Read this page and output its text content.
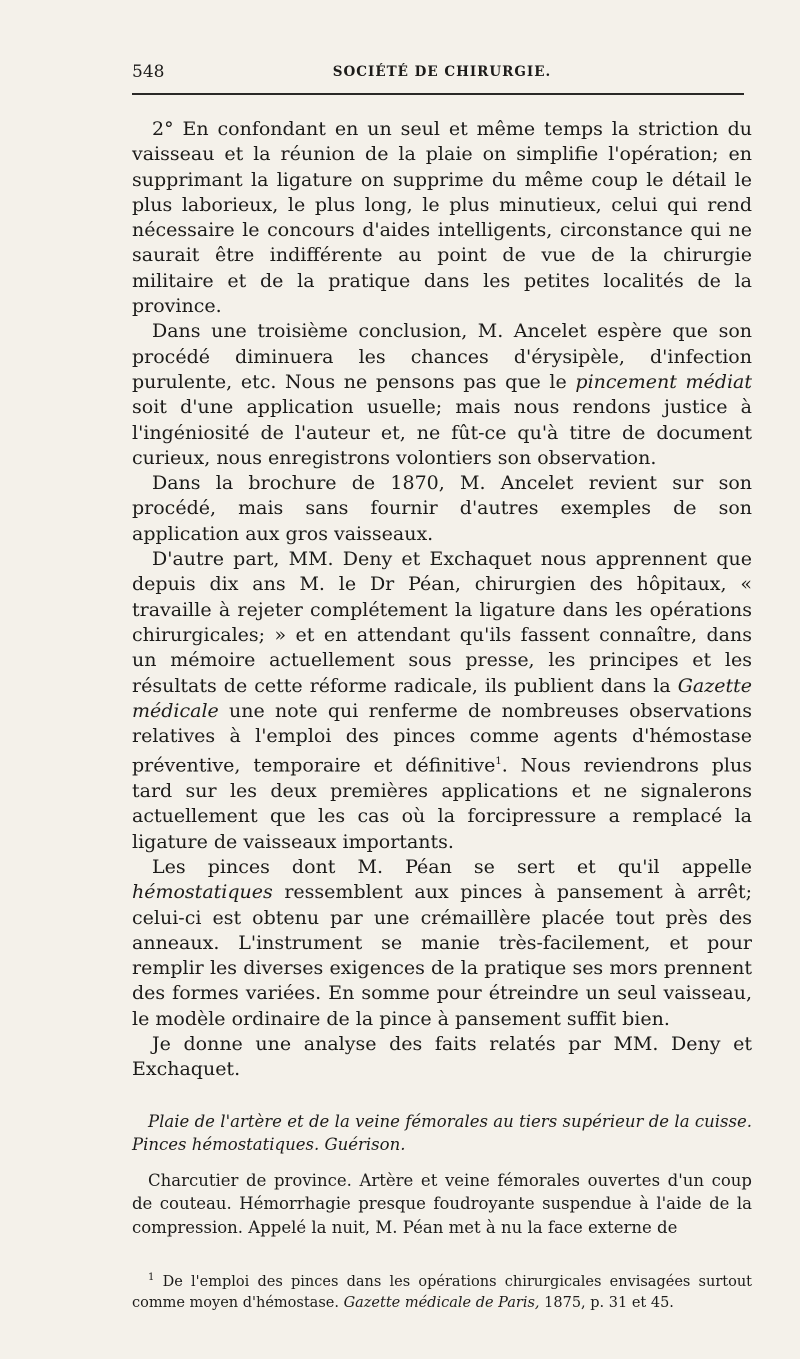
548	SOCIÉTÉ DE CHIRURGIE.

2° En confondant en un seul et même temps la striction du vaisseau et la réunion de la plaie on simplifie l'opération; en supprimant la ligature on supprime du même coup le détail le plus laborieux, le plus long, le plus minutieux, celui qui rend nécessaire le concours d'aides intelligents, circonstance qui ne saurait être indifférente au point de vue de la chirurgie militaire et de la pratique dans les petites localités de la province.

Dans une troisième conclusion, M. Ancelet espère que son procédé diminuera les chances d'érysipèle, d'infection purulente, etc. Nous ne pensons pas que le pincement médiat soit d'une application usuelle; mais nous rendons justice à l'ingéniosité de l'auteur et, ne fût-ce qu'à titre de document curieux, nous enregistrons volontiers son observation.

Dans la brochure de 1870, M. Ancelet revient sur son procédé, mais sans fournir d'autres exemples de son application aux gros vaisseaux.

D'autre part, MM. Deny et Exchaquet nous apprennent que depuis dix ans M. le Dr Péan, chirurgien des hôpitaux, « travaille à rejeter complétement la ligature dans les opérations chirurgicales; » et en attendant qu'ils fassent connaître, dans un mémoire actuellement sous presse, les principes et les résultats de cette réforme radicale, ils publient dans la Gazette médicale une note qui renferme de nombreuses observations relatives à l'emploi des pinces comme agents d'hémostase préventive, temporaire et définitive$^1$. Nous reviendrons plus tard sur les deux premières applications et ne signalerons actuellement que les cas où la forcipressure a remplacé la ligature de vaisseaux importants.

Les pinces dont M. Péan se sert et qu'il appelle hémostatiques ressemblent aux pinces à pansement à arrêt; celui-ci est obtenu par une crémaillère placée tout près des anneaux. L'instrument se manie très-facilement, et pour remplir les diverses exigences de la pratique ses mors prennent des formes variées. En somme pour étreindre un seul vaisseau, le modèle ordinaire de la pince à pansement suffit bien.

Je donne une analyse des faits relatés par MM. Deny et Exchaquet.

Plaie de l'artère et de la veine fémorales au tiers supérieur de la cuisse. Pinces hémostatiques. Guérison.

Charcutier de province. Artère et veine fémorales ouvertes d'un coup de couteau. Hémorrhagie presque foudroyante suspendue à l'aide de la compression. Appelé la nuit, M. Péan met à nu la face externe de

$^1$ De l'emploi des pinces dans les opérations chirurgicales envisagées surtout comme moyen d'hémostase. Gazette médicale de Paris, 1875, p. 31 et 45.
